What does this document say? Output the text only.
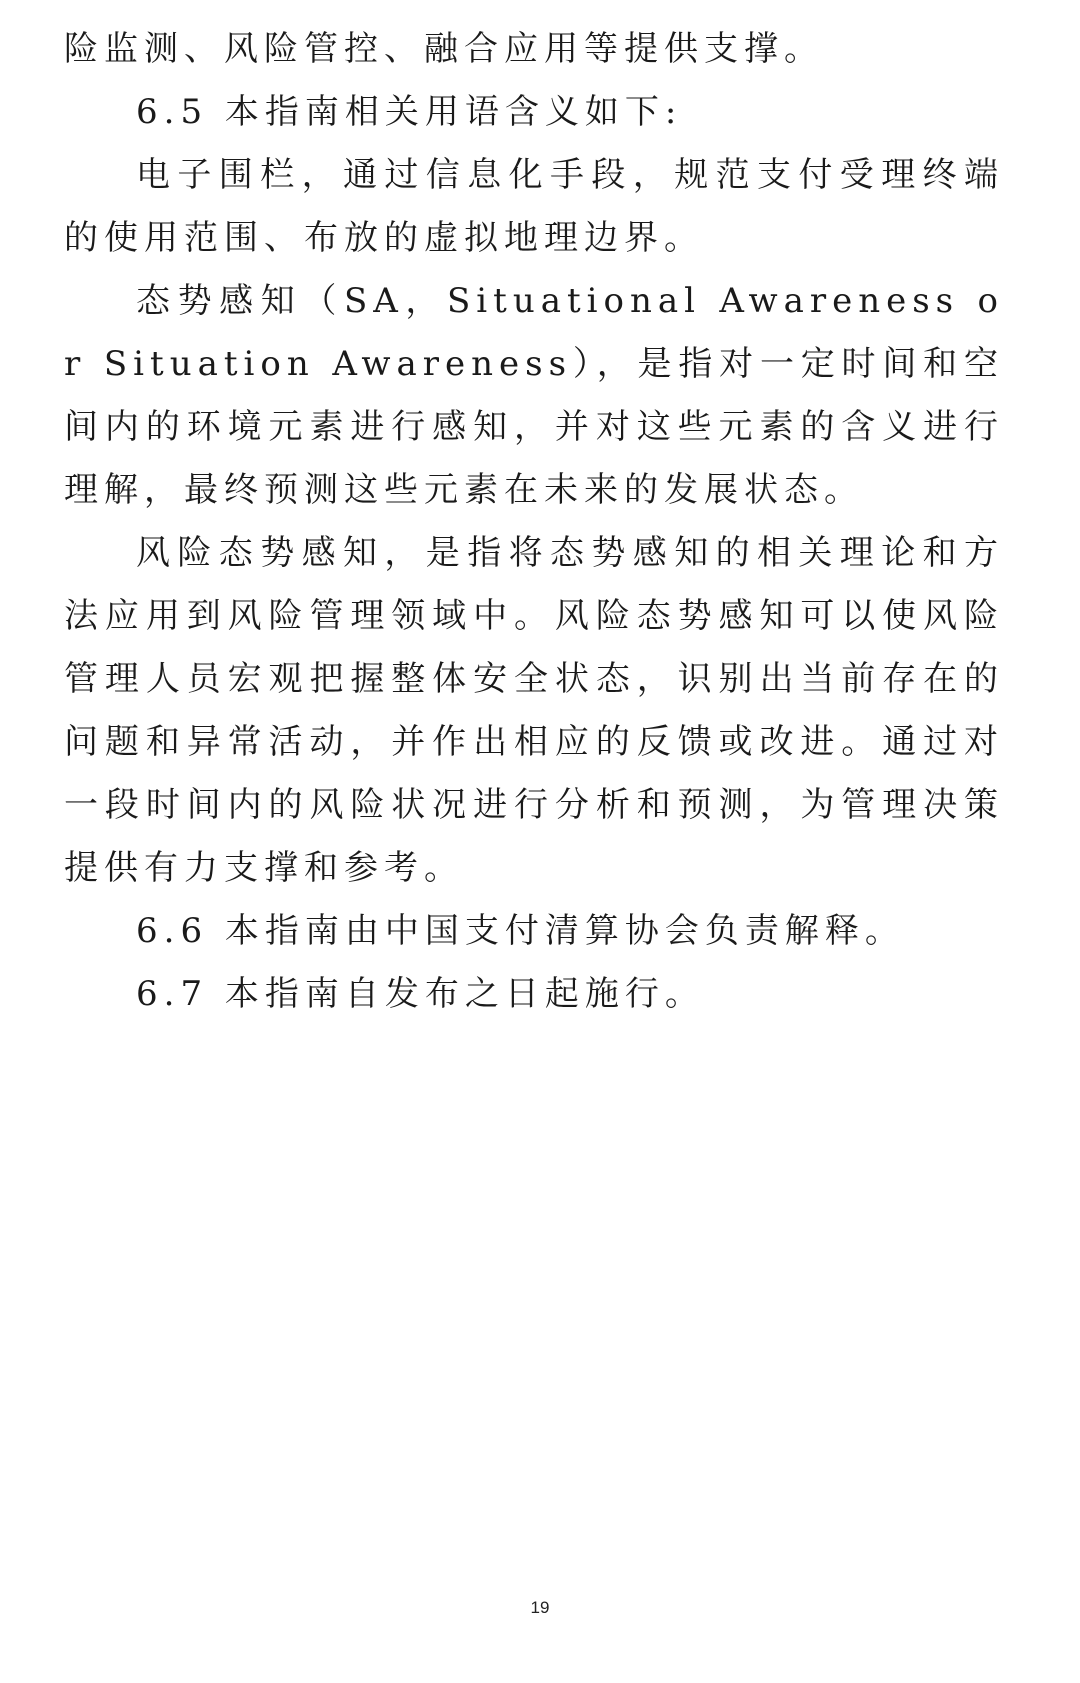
险监测、风险管控、融合应用等提供支撑。

6.5 本指南相关用语含义如下:

电子围栏，通过信息化手段，规范支付受理终端的使用范围、布放的虚拟地理边界。

态势感知（SA，Situational Awareness or Situation Awareness），是指对一定时间和空间内的环境元素进行感知，并对这些元素的含义进行理解，最终预测这些元素在未来的发展状态。

风险态势感知，是指将态势感知的相关理论和方法应用到风险管理领域中。风险态势感知可以使风险管理人员宏观把握整体安全状态，识别出当前存在的问题和异常活动，并作出相应的反馈或改进。通过对一段时间内的风险状况进行分析和预测，为管理决策提供有力支撑和参考。

6.6 本指南由中国支付清算协会负责解释。

6.7 本指南自发布之日起施行。

19
